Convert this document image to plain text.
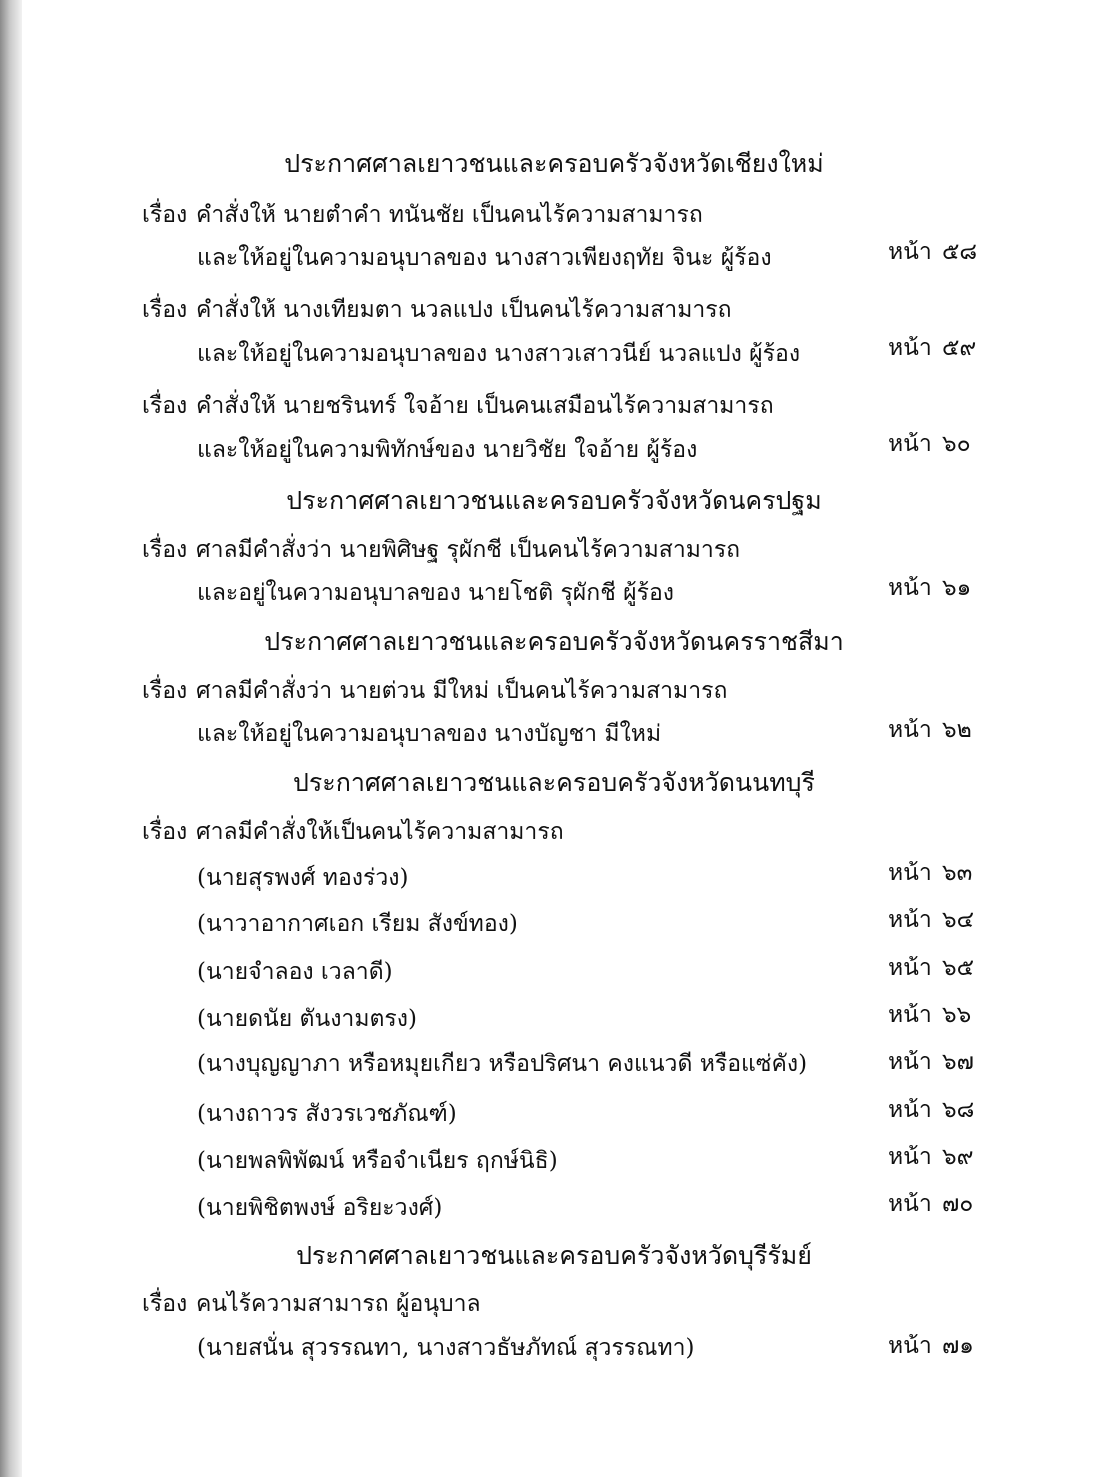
ประกาศศาลเยาวชนและครอบครัวจังหวัดเชียงใหม่
เรื่อง คำสั่งให้ นายตำคำ ทนันชัย เป็นคนไร้ความสามารถ
และให้อยู่ในความอนุบาลของ นางสาวเพียงฤทัย จินะ ผู้ร้อง	หน้า ๕๘
เรื่อง คำสั่งให้ นางเทียมตา นวลแปง เป็นคนไร้ความสามารถ
และให้อยู่ในความอนุบาลของ นางสาวเสาวนีย์ นวลแปง ผู้ร้อง	หน้า ๕๙
เรื่อง คำสั่งให้ นายชรินทร์ ใจอ้าย เป็นคนเสมือนไร้ความสามารถ
และให้อยู่ในความพิทักษ์ของ นายวิชัย ใจอ้าย ผู้ร้อง	หน้า ๖๐
ประกาศศาลเยาวชนและครอบครัวจังหวัดนครปฐม
เรื่อง ศาลมีคำสั่งว่า นายพิศิษฐ รุผักชี เป็นคนไร้ความสามารถ
และอยู่ในความอนุบาลของ นายโชติ รุผักชี ผู้ร้อง	หน้า ๖๑
ประกาศศาลเยาวชนและครอบครัวจังหวัดนครราชสีมา
เรื่อง ศาลมีคำสั่งว่า นายต่วน มีใหม่ เป็นคนไร้ความสามารถ
และให้อยู่ในความอนุบาลของ นางบัญชา มีใหม่	หน้า ๖๒
ประกาศศาลเยาวชนและครอบครัวจังหวัดนนทบุรี
เรื่อง ศาลมีคำสั่งให้เป็นคนไร้ความสามารถ
(นายสุรพงศ์ ทองร่วง)	หน้า ๖๓
(นาวาอากาศเอก เรียม สังข์ทอง)	หน้า ๖๔
(นายจำลอง เวลาดี)	หน้า ๖๕
(นายดนัย ตันงามตรง)	หน้า ๖๖
(นางบุญญาภา หรือหมุยเกียว หรือปริศนา คงแนวดี หรือแซ่คัง)	หน้า ๖๗
(นางถาวร สังวรเวชภัณฑ์)	หน้า ๖๘
(นายพลพิพัฒน์ หรือจำเนียร ฤกษ์นิธิ)	หน้า ๖๙
(นายพิชิตพงษ์ อริยะวงศ์)	หน้า ๗๐
ประกาศศาลเยาวชนและครอบครัวจังหวัดบุรีรัมย์
เรื่อง คนไร้ความสามารถ ผู้อนุบาล
(นายสนั่น สุวรรณทา, นางสาวธัษภัทณ์ สุวรรณทา)	หน้า ๗๑
